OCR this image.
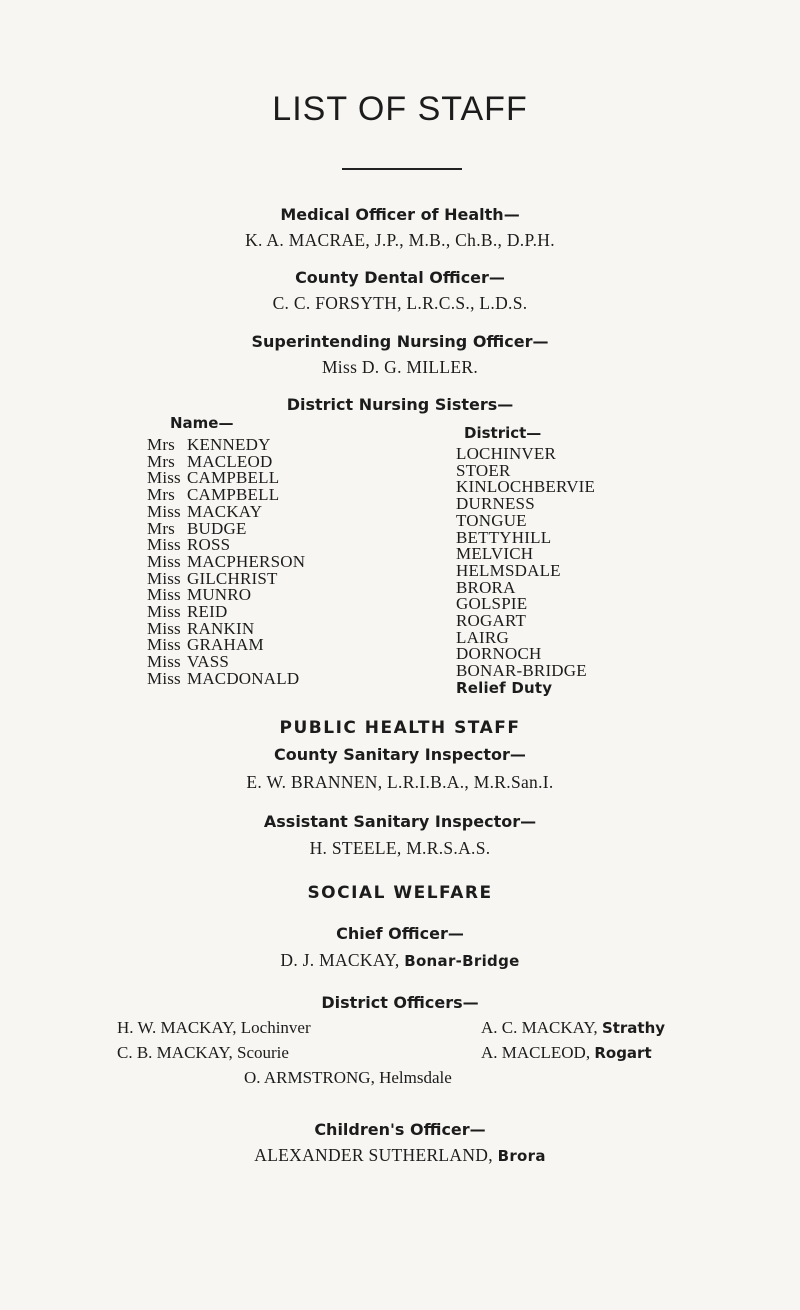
LIST OF STAFF

Medical Officer of Health—

K. A. MACRAE, J.P., M.B., Ch.B., D.P.H.

County Dental Officer—

C. C. FORSYTH, L.R.C.S., L.D.S.

Superintending Nursing Officer—

Miss D. G. MILLER.

District Nursing Sisters—

Name—
District—
Mrs KENNEDY
Mrs MACLEOD
Miss CAMPBELL
Mrs CAMPBELL
Miss MACKAY
Mrs BUDGE
Miss ROSS
Miss MACPHERSON
Miss GILCHRIST
Miss MUNRO
Miss REID
Miss RANKIN
Miss GRAHAM
Miss VASS
Miss MACDONALD
LOCHINVER
STOER
KINLOCHBERVIE
DURNESS
TONGUE
BETTYHILL
MELVICH
HELMSDALE
BRORA
GOLSPIE
ROGART
LAIRG
DORNOCH
BONAR-BRIDGE
Relief Duty

PUBLIC HEALTH STAFF

County Sanitary Inspector—

E. W. BRANNEN, L.R.I.B.A., M.R.San.I.

Assistant Sanitary Inspector—

H. STEELE, M.R.S.A.S.

SOCIAL WELFARE

Chief Officer—

D. J. MACKAY, Bonar-Bridge

District Officers—

H. W. MACKAY, Lochinver	A. C. MACKAY, Strathy
C. B. MACKAY, Scourie	A. MACLEOD, Rogart
O. ARMSTRONG, Helmsdale

Children's Officer—

ALEXANDER SUTHERLAND, Brora
